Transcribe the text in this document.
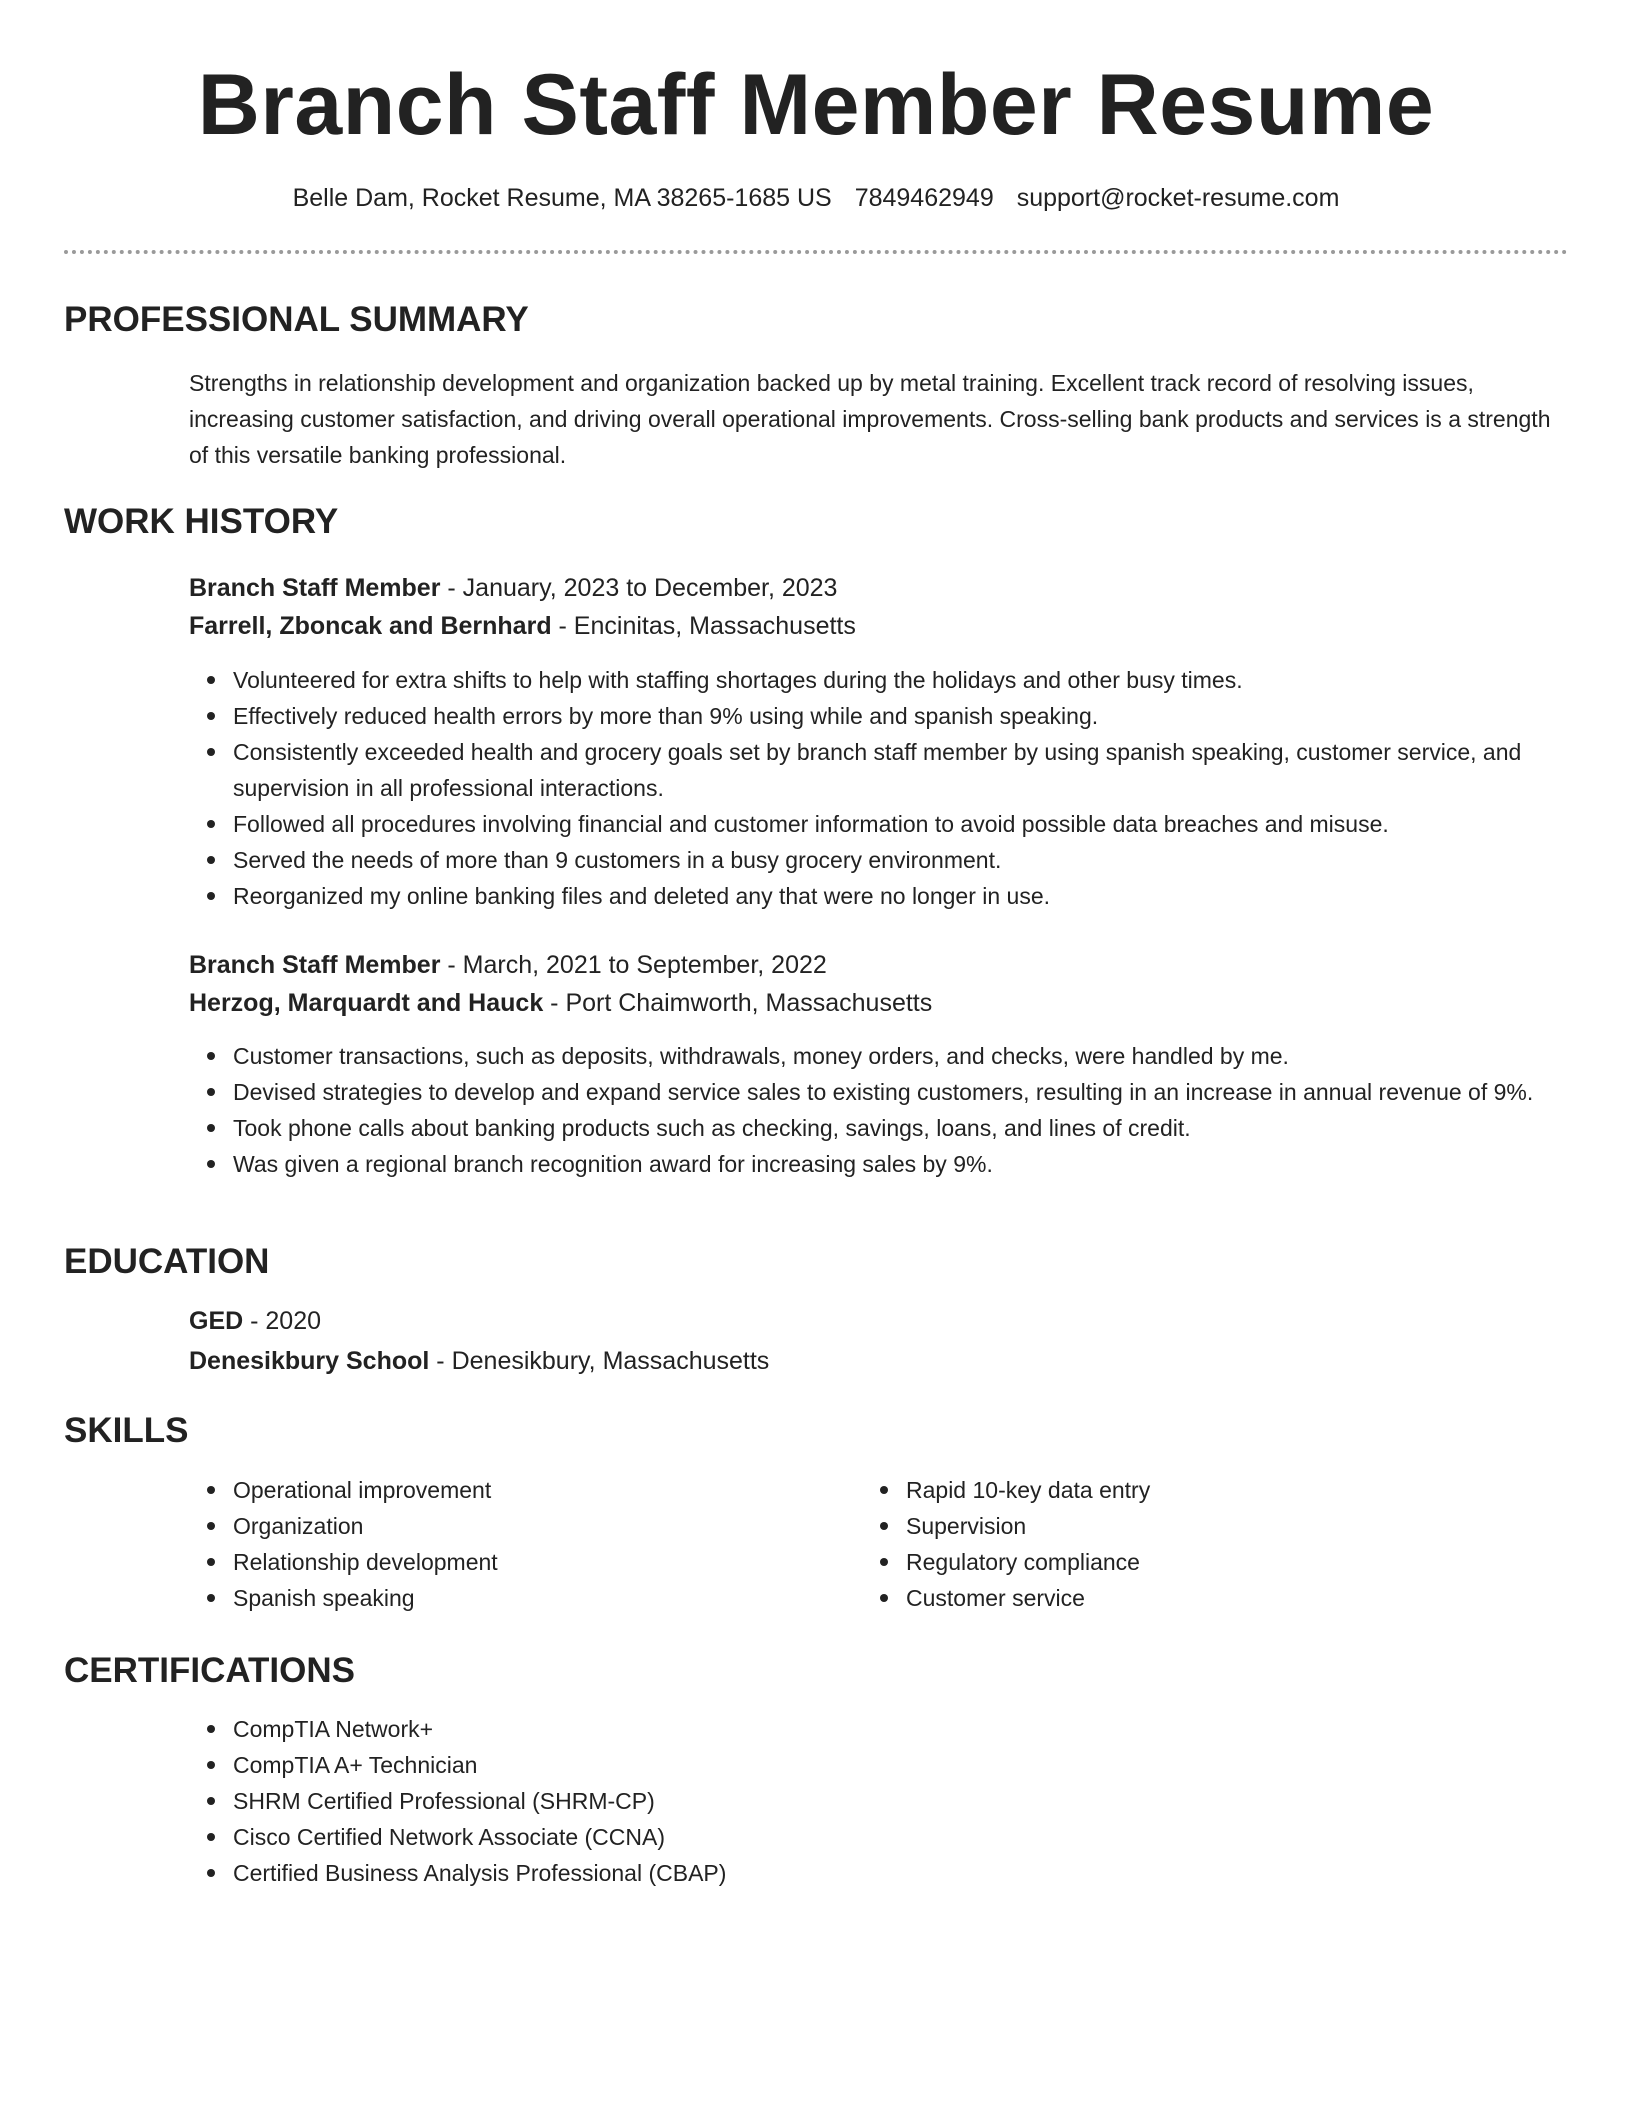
Branch Staff Member Resume
Belle Dam, Rocket Resume, MA 38265-1685 US 7849462949 support@rocket-resume.com
PROFESSIONAL SUMMARY

Strengths in relationship development and organization backed up by metal training. Excellent track record of resolving issues, increasing customer satisfaction, and driving overall operational improvements. Cross-selling bank products and services is a strength of this versatile banking professional.

WORK HISTORY
Branch Staff Member - January, 2023 to December, 2023
Farrell, Zboncak and Bernhard - Encinitas, Massachusetts
Volunteered for extra shifts to help with staffing shortages during the holidays and other busy times.
Effectively reduced health errors by more than 9% using while and spanish speaking.
Consistently exceeded health and grocery goals set by branch staff member by using spanish speaking, customer service, and supervision in all professional interactions.
Followed all procedures involving financial and customer information to avoid possible data breaches and misuse.
Served the needs of more than 9 customers in a busy grocery environment.
Reorganized my online banking files and deleted any that were no longer in use.
Branch Staff Member - March, 2021 to September, 2022
Herzog, Marquardt and Hauck - Port Chaimworth, Massachusetts
Customer transactions, such as deposits, withdrawals, money orders, and checks, were handled by me.
Devised strategies to develop and expand service sales to existing customers, resulting in an increase in annual revenue of 9%.
Took phone calls about banking products such as checking, savings, loans, and lines of credit.
Was given a regional branch recognition award for increasing sales by 9%.
EDUCATION
GED - 2020
Denesikbury School - Denesikbury, Massachusetts
SKILLS
Operational improvement
Organization
Relationship development
Spanish speaking
Rapid 10-key data entry
Supervision
Regulatory compliance
Customer service
CERTIFICATIONS
CompTIA Network+
CompTIA A+ Technician
SHRM Certified Professional (SHRM-CP)
Cisco Certified Network Associate (CCNA)
Certified Business Analysis Professional (CBAP)
